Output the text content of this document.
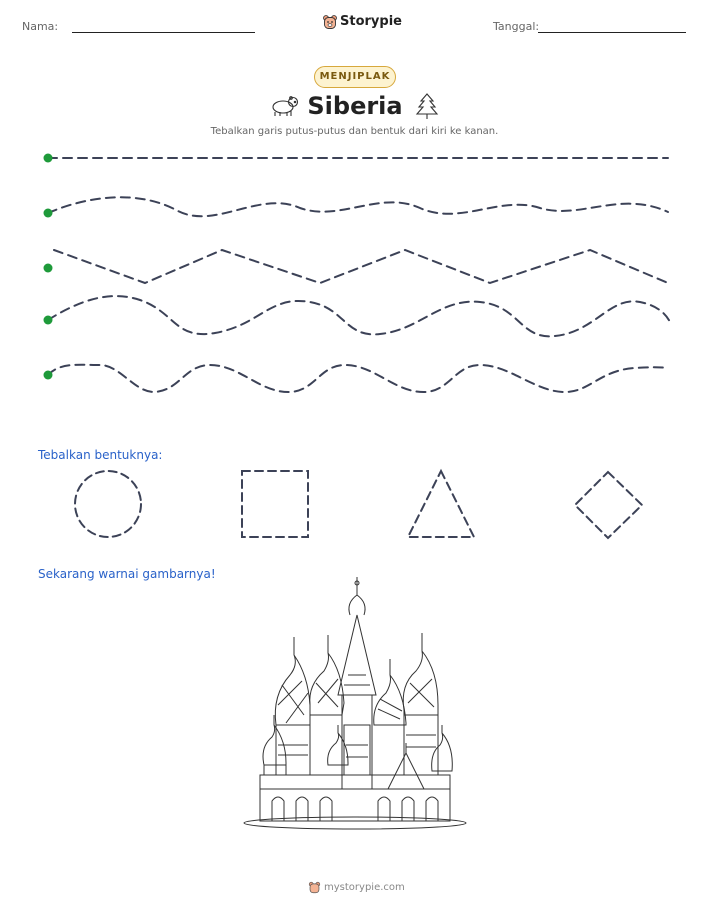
Nama:	Storypie	Tanggal:
MENJIPLAK
Siberia
Tebalkan garis putus-putus dan bentuk dari kiri ke kanan.
Tebalkan bentuknya:
Sekarang warnai gambarnya!
mystorypie.com
